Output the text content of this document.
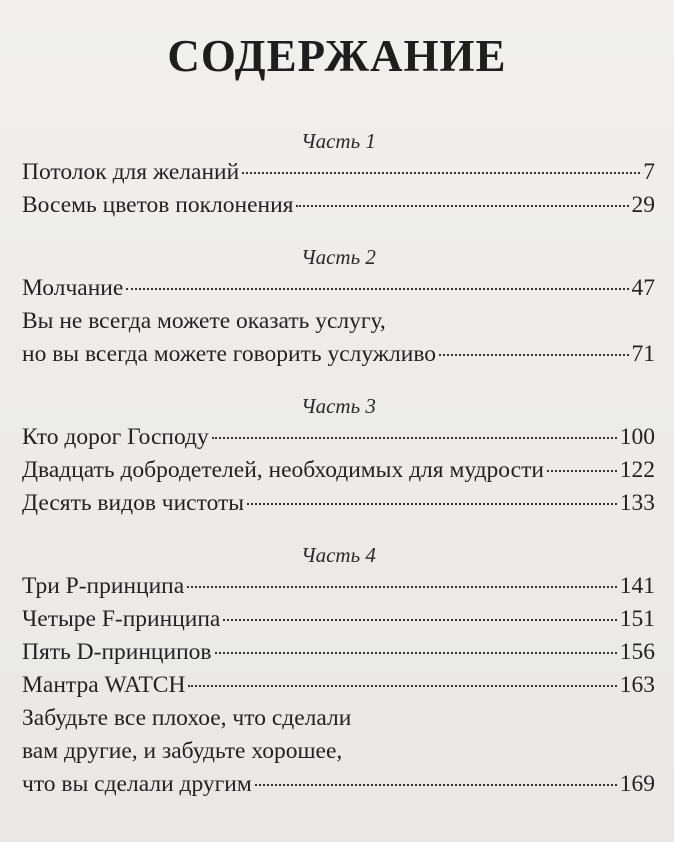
СОДЕРЖАНИЕ
Часть 1
Потолок для желаний	7
Восемь цветов поклонения	29
Часть 2
Молчание	47
Вы не всегда можете оказать услугу,
но вы всегда можете говорить услужливо	71
Часть 3
Кто дорог Господу	100
Двадцать добродетелей, необходимых для мудрости	122
Десять видов чистоты	133
Часть 4
Три P-принципа	141
Четыре F-принципа	151
Пять D-принципов	156
Мантра WATCH	163
Забудьте все плохое, что сделали
вам другие, и забудьте хорошее,
что вы сделали другим	169
